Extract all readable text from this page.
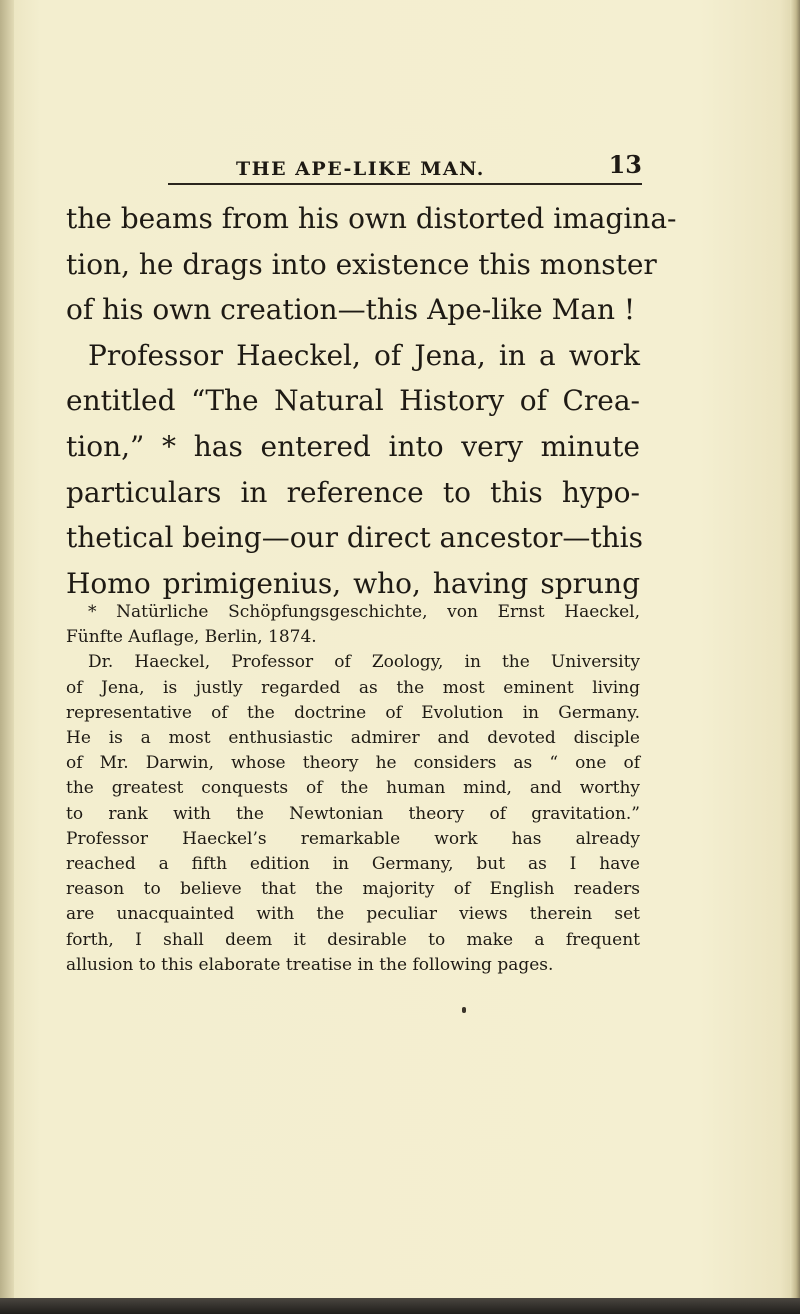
THE APE-LIKE MAN.	13
the beams from his own distorted imagina-
tion, he drags into existence this monster
of his own creation—this Ape-like Man !
Professor Haeckel, of Jena, in a work
entitled “The Natural History of Crea-
tion,” * has entered into very minute
particulars in reference to this hypo-
thetical being—our direct ancestor—this
Homo primigenius, who, having sprung
* Natürliche Schöpfungsgeschichte, von Ernst Haeckel,
Fünfte Auflage, Berlin, 1874.
Dr. Haeckel, Professor of Zoology, in the University
of Jena, is justly regarded as the most eminent living
representative of the doctrine of Evolution in Germany.
He is a most enthusiastic admirer and devoted disciple
of Mr. Darwin, whose theory he considers as “ one of
the greatest conquests of the human mind, and worthy
to rank with the Newtonian theory of gravitation.”
Professor Haeckel’s remarkable work has already
reached a fifth edition in Germany, but as I have
reason to believe that the majority of English readers
are unacquainted with the peculiar views therein set
forth, I shall deem it desirable to make a frequent
allusion to this elaborate treatise in the following pages.
